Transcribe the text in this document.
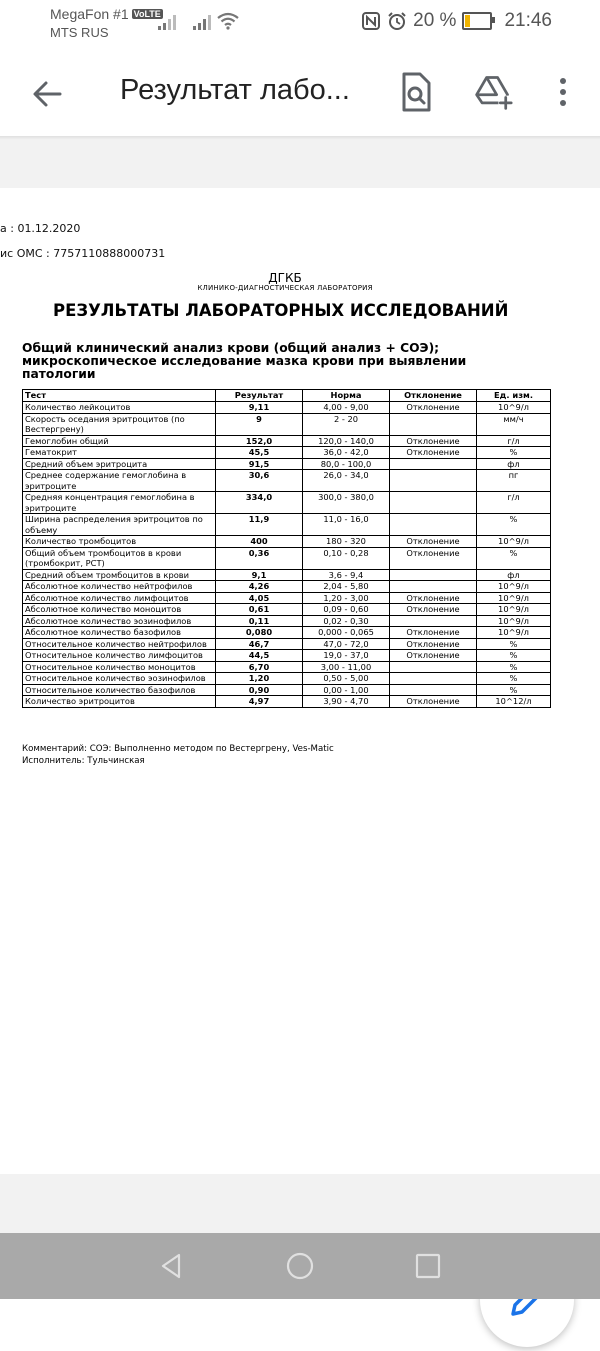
MegaFon #1 VoLTE
MTS RUS
20 %	21:46
Результат лабо...
а : 01.12.2020
ис ОМС : 7757110888000731
ДГКБ
КЛИНИКО-ДИАГНОСТИЧЕСКАЯ ЛАБОРАТОРИЯ
РЕЗУЛЬТАТЫ ЛАБОРАТОРНЫХ ИССЛЕДОВАНИЙ
Общий клинический анализ крови (общий анализ + СОЭ); микроскопическое исследование мазка крови при выявлении патологии
Тест	Результат	Норма	Отклонение	Ед. изм.
Количество лейкоцитов	9,11	4,00 - 9,00	Отклонение	10^9/л
Скорость оседания эритроцитов (по Вестергрену)	9	2 - 20		мм/ч
Гемоглобин общий	152,0	120,0 - 140,0	Отклонение	г/л
Гематокрит	45,5	36,0 - 42,0	Отклонение	%
Средний объем эритроцита	91,5	80,0 - 100,0		фл
Среднее содержание гемоглобина в эритроците	30,6	26,0 - 34,0		пг
Средняя концентрация гемоглобина в эритроците	334,0	300,0 - 380,0		г/л
Ширина распределения эритроцитов по объему	11,9	11,0 - 16,0		%
Количество тромбоцитов	400	180 - 320	Отклонение	10^9/л
Общий объем тромбоцитов в крови (тромбокрит, PCT)	0,36	0,10 - 0,28	Отклонение	%
Средний объем тромбоцитов в крови	9,1	3,6 - 9,4		фл
Абсолютное количество нейтрофилов	4,26	2,04 - 5,80		10^9/л
Абсолютное количество лимфоцитов	4,05	1,20 - 3,00	Отклонение	10^9/л
Абсолютное количество моноцитов	0,61	0,09 - 0,60	Отклонение	10^9/л
Абсолютное количество эозинофилов	0,11	0,02 - 0,30		10^9/л
Абсолютное количество базофилов	0,080	0,000 - 0,065	Отклонение	10^9/л
Относительное количество нейтрофилов	46,7	47,0 - 72,0	Отклонение	%
Относительное количество лимфоцитов	44,5	19,0 - 37,0	Отклонение	%
Относительное количество моноцитов	6,70	3,00 - 11,00		%
Относительное количество эозинофилов	1,20	0,50 - 5,00		%
Относительное количество базофилов	0,90	0,00 - 1,00		%
Количество эритроцитов	4,97	3,90 - 4,70	Отклонение	10^12/л
Комментарий: СОЭ: Выполненно методом по Вестергрену, Ves-Matic
Исполнитель: Тульчинская
